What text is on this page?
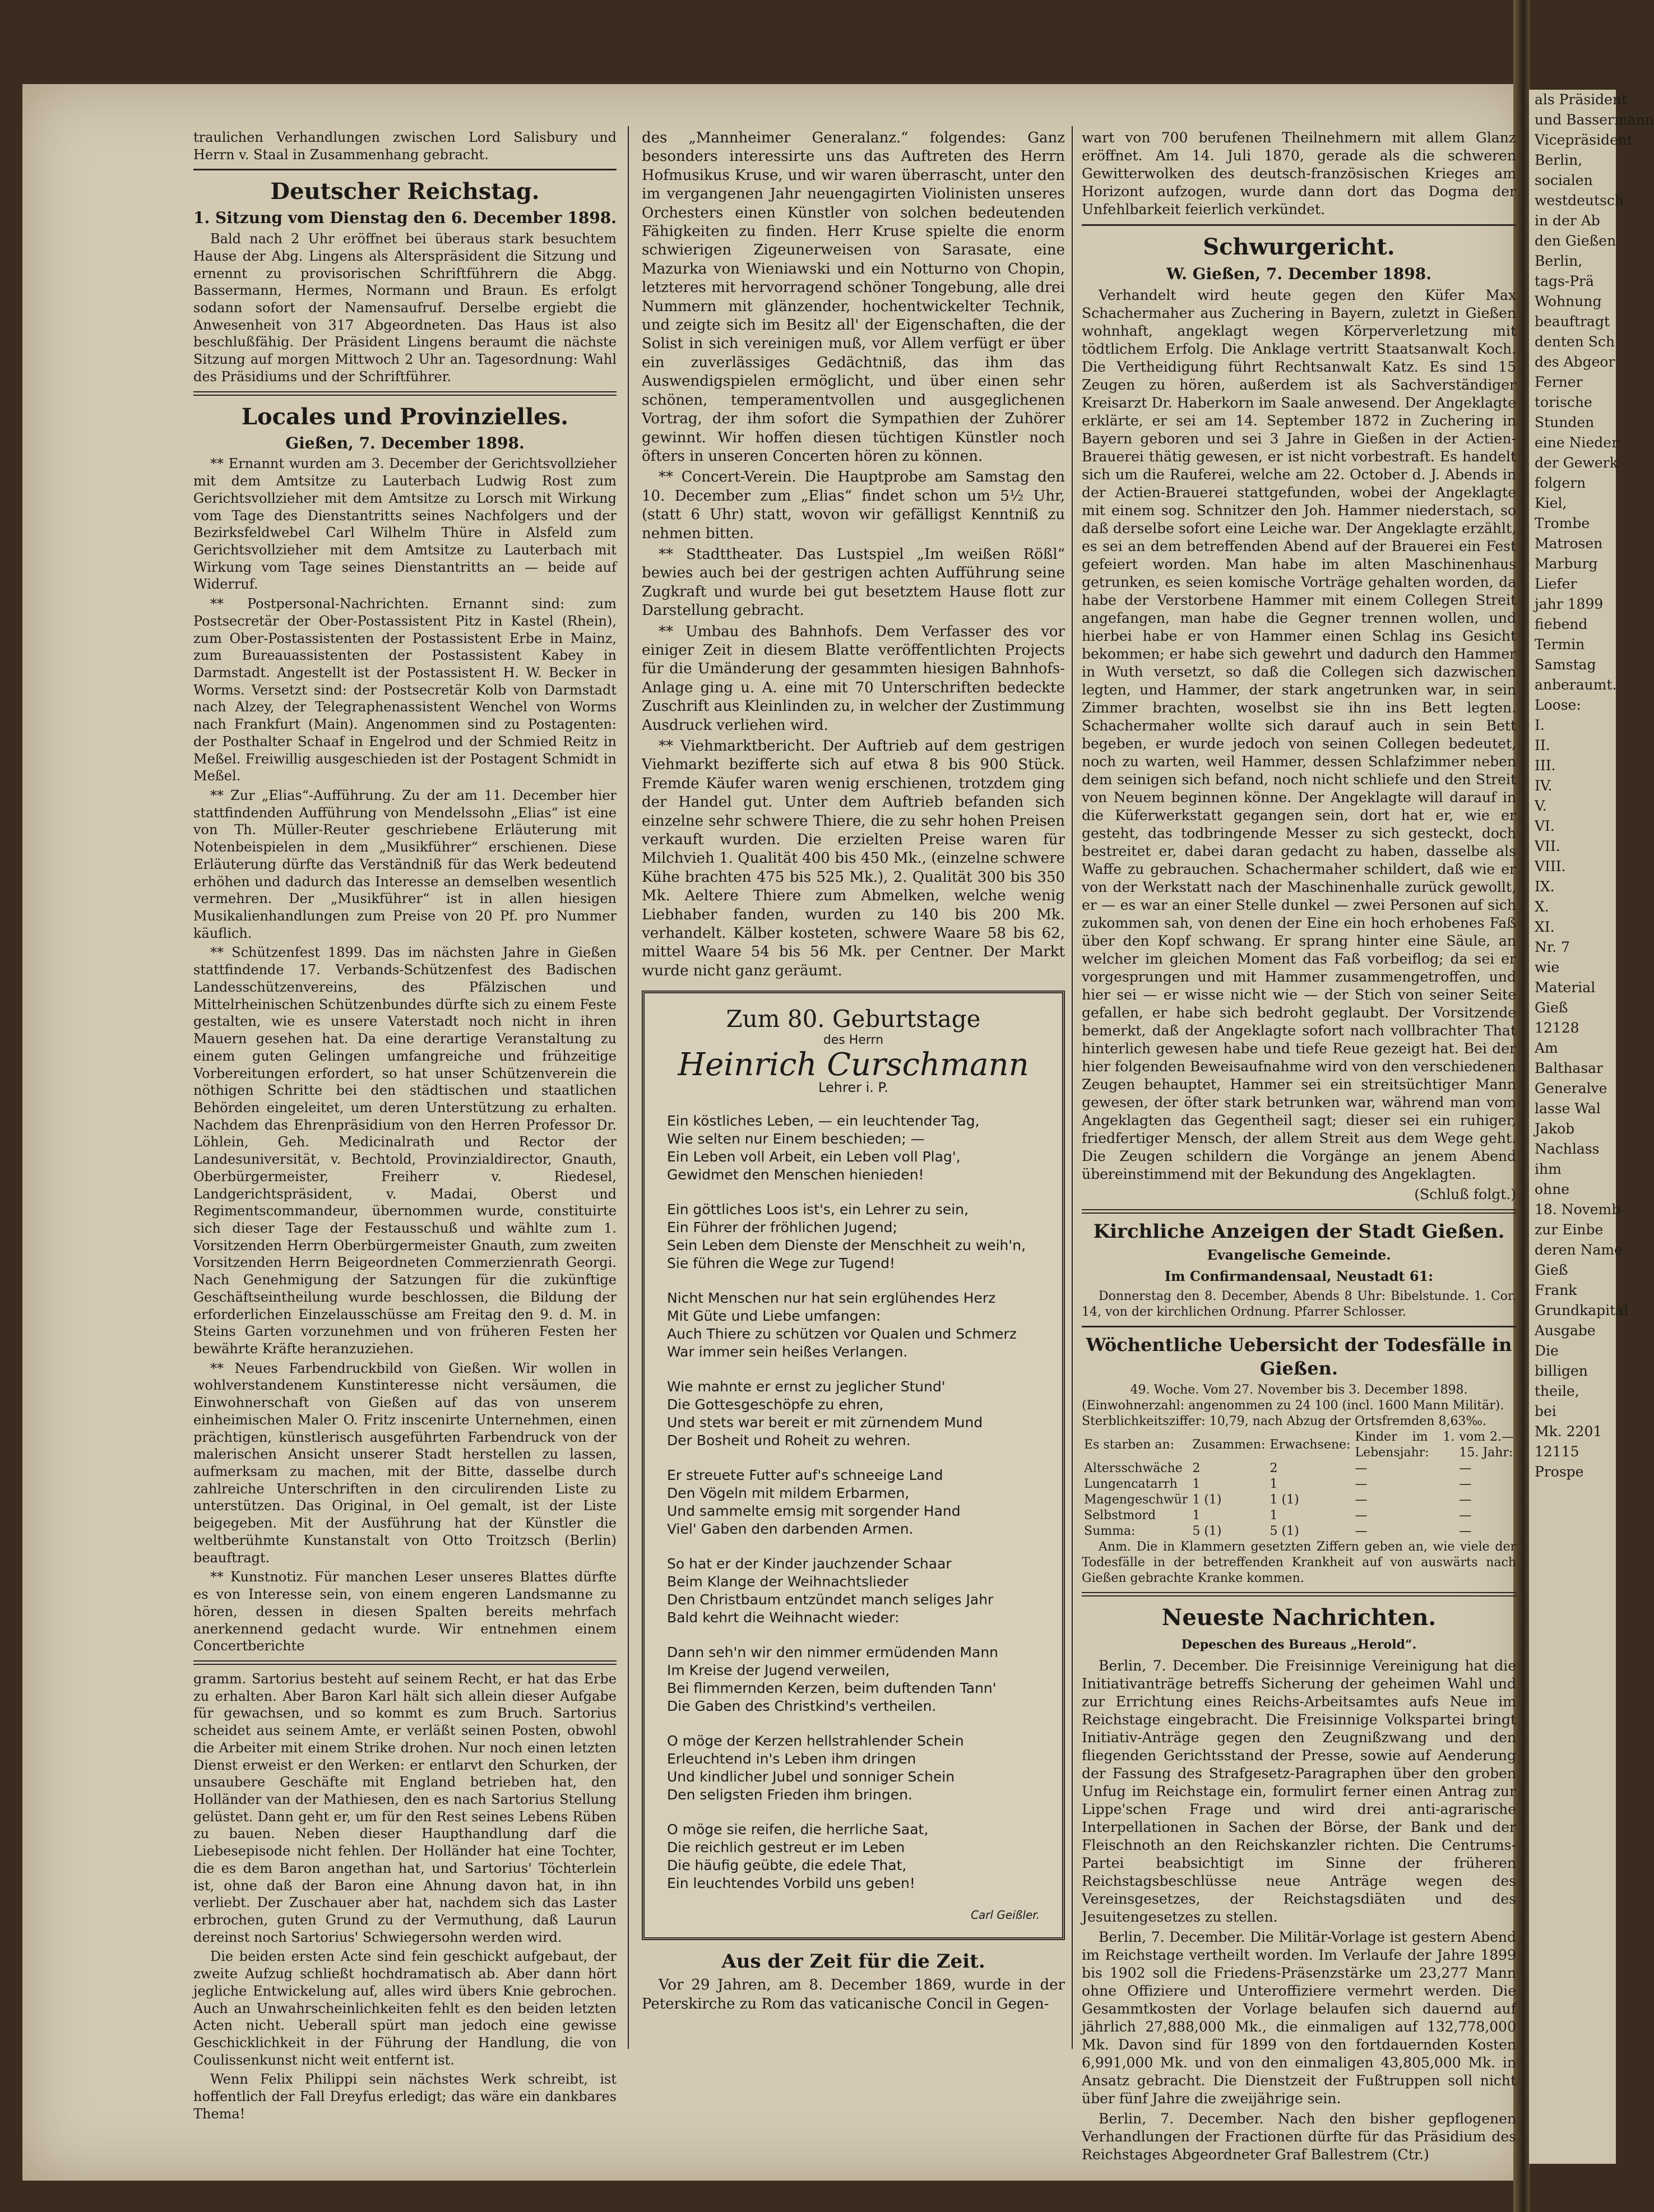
als Präsident
und Bassermann
Vicepräsident
Berlin,
socialen
westdeutsch
in der Ab
den Gießen
Berlin,
tags-Prä
Wohnung
beauftragt
denten Sch
des Abgeor
Ferner
torische
Stunden
eine Nieder
der Gewerk
folgern
Kiel,
Trombe
Matrosen
Marburg
Liefer
jahr 1899
fiebend
Termin
Samstag
anberaumt.
Loose:
I.
II.
III.
IV.
V.
VI.
VII.
VIII.
IX.
X.
XI.
Nr. 7
wie
Material
Gieß
12128
Am
Balthasar
Generalve
lasse Wal
Jakob
Nachlass
ihm
ohne
18. Novemb
zur Einbe
deren Name
Gieß
Frank
Grundkapital
Ausgabe
Die
billigen
theile,
bei
Mk. 2201
12115
Prospe

traulichen Verhandlungen zwischen Lord Salisbury und Herrn v. Staal in Zusammenhang gebracht.

Deutscher Reichstag.
1. Sitzung vom Dienstag den 6. December 1898.

Bald nach 2 Uhr eröffnet bei überaus stark besuchtem Hause der Abg. Lingens als Alterspräsident die Sitzung und ernennt zu provisorischen Schriftführern die Abgg. Bassermann, Hermes, Normann und Braun. Es erfolgt sodann sofort der Namensaufruf. Derselbe ergiebt die Anwesenheit von 317 Abgeordneten. Das Haus ist also beschlußfähig. Der Präsident Lingens beraumt die nächste Sitzung auf morgen Mittwoch 2 Uhr an. Tagesordnung: Wahl des Präsidiums und der Schriftführer.

Locales und Provinzielles.
Gießen, 7. December 1898.

** Ernannt wurden am 3. December der Gerichtsvollzieher mit dem Amtsitze zu Lauterbach Ludwig Rost zum Gerichtsvollzieher mit dem Amtsitze zu Lorsch mit Wirkung vom Tage des Dienstantritts seines Nachfolgers und der Bezirksfeldwebel Carl Wilhelm Thüre in Alsfeld zum Gerichtsvollzieher mit dem Amtsitze zu Lauterbach mit Wirkung vom Tage seines Dienstantritts an — beide auf Widerruf.

** Postpersonal-Nachrichten. Ernannt sind: zum Postsecretär der Ober-Postassistent Pitz in Kastel (Rhein), zum Ober-Postassistenten der Postassistent Erbe in Mainz, zum Bureauassistenten der Postassistent Kabey in Darmstadt. Angestellt ist der Postassistent H. W. Becker in Worms. Versetzt sind: der Postsecretär Kolb von Darmstadt nach Alzey, der Telegraphenassistent Wenchel von Worms nach Frankfurt (Main). Angenommen sind zu Postagenten: der Posthalter Schaaf in Engelrod und der Schmied Reitz in Meßel. Freiwillig ausgeschieden ist der Postagent Schmidt in Meßel.

** Zur „Elias“-Aufführung. Zu der am 11. December hier stattfindenden Aufführung von Mendelssohn „Elias“ ist eine von Th. Müller-Reuter geschriebene Erläuterung mit Notenbeispielen in dem „Musikführer“ erschienen. Diese Erläuterung dürfte das Verständniß für das Werk bedeutend erhöhen und dadurch das Interesse an demselben wesentlich vermehren. Der „Musikführer“ ist in allen hiesigen Musikalienhandlungen zum Preise von 20 Pf. pro Nummer käuflich.

** Schützenfest 1899. Das im nächsten Jahre in Gießen stattfindende 17. Verbands-Schützenfest des Badischen Landesschützenvereins, des Pfälzischen und Mittelrheinischen Schützenbundes dürfte sich zu einem Feste gestalten, wie es unsere Vaterstadt noch nicht in ihren Mauern gesehen hat. Da eine derartige Veranstaltung zu einem guten Gelingen umfangreiche und frühzeitige Vorbereitungen erfordert, so hat unser Schützenverein die nöthigen Schritte bei den städtischen und staatlichen Behörden eingeleitet, um deren Unterstützung zu erhalten. Nachdem das Ehrenpräsidium von den Herren Professor Dr. Löhlein, Geh. Medicinalrath und Rector der Landesuniversität, v. Bechtold, Provinzialdirector, Gnauth, Oberbürgermeister, Freiherr v. Riedesel, Landgerichtspräsident, v. Madai, Oberst und Regimentscommandeur, übernommen wurde, constituirte sich dieser Tage der Festausschuß und wählte zum 1. Vorsitzenden Herrn Oberbürgermeister Gnauth, zum zweiten Vorsitzenden Herrn Beigeordneten Commerzienrath Georgi. Nach Genehmigung der Satzungen für die zukünftige Geschäftseintheilung wurde beschlossen, die Bildung der erforderlichen Einzelausschüsse am Freitag den 9. d. M. in Steins Garten vorzunehmen und von früheren Festen her bewährte Kräfte heranzuziehen.

** Neues Farbendruckbild von Gießen. Wir wollen in wohlverstandenem Kunstinteresse nicht versäumen, die Einwohnerschaft von Gießen auf das von unserem einheimischen Maler O. Fritz inscenirte Unternehmen, einen prächtigen, künstlerisch ausgeführten Farbendruck von der malerischen Ansicht unserer Stadt herstellen zu lassen, aufmerksam zu machen, mit der Bitte, dasselbe durch zahlreiche Unterschriften in den circulirenden Liste zu unterstützen. Das Original, in Oel gemalt, ist der Liste beigegeben. Mit der Ausführung hat der Künstler die weltberühmte Kunstanstalt von Otto Troitzsch (Berlin) beauftragt.

** Kunstnotiz. Für manchen Leser unseres Blattes dürfte es von Interesse sein, von einem engeren Landsmanne zu hören, dessen in diesen Spalten bereits mehrfach anerkennend gedacht wurde. Wir entnehmen einem Concertberichte

gramm. Sartorius besteht auf seinem Recht, er hat das Erbe zu erhalten. Aber Baron Karl hält sich allein dieser Aufgabe für gewachsen, und so kommt es zum Bruch. Sartorius scheidet aus seinem Amte, er verläßt seinen Posten, obwohl die Arbeiter mit einem Strike drohen. Nur noch einen letzten Dienst erweist er den Werken: er entlarvt den Schurken, der unsaubere Geschäfte mit England betrieben hat, den Holländer van der Mathiesen, den es nach Sartorius Stellung gelüstet. Dann geht er, um für den Rest seines Lebens Rüben zu bauen. Neben dieser Haupthandlung darf die Liebesepisode nicht fehlen. Der Holländer hat eine Tochter, die es dem Baron angethan hat, und Sartorius' Töchterlein ist, ohne daß der Baron eine Ahnung davon hat, in ihn verliebt. Der Zuschauer aber hat, nachdem sich das Laster erbrochen, guten Grund zu der Vermuthung, daß Laurun dereinst noch Sartorius' Schwiegersohn werden wird.

Die beiden ersten Acte sind fein geschickt aufgebaut, der zweite Aufzug schließt hochdramatisch ab. Aber dann hört jegliche Entwickelung auf, alles wird übers Knie gebrochen. Auch an Unwahrscheinlichkeiten fehlt es den beiden letzten Acten nicht. Ueberall spürt man jedoch eine gewisse Geschicklichkeit in der Führung der Handlung, die von Coulissenkunst nicht weit entfernt ist.

Wenn Felix Philippi sein nächstes Werk schreibt, ist hoffentlich der Fall Dreyfus erledigt; das wäre ein dankbares Thema!

des „Mannheimer Generalanz.“ folgendes: Ganz besonders interessirte uns das Auftreten des Herrn Hofmusikus Kruse, und wir waren überrascht, unter den im vergangenen Jahr neuengagirten Violinisten unseres Orchesters einen Künstler von solchen bedeutenden Fähigkeiten zu finden. Herr Kruse spielte die enorm schwierigen Zigeunerweisen von Sarasate, eine Mazurka von Wieniawski und ein Notturno von Chopin, letzteres mit hervorragend schöner Tongebung, alle drei Nummern mit glänzender, hochentwickelter Technik, und zeigte sich im Besitz all' der Eigenschaften, die der Solist in sich vereinigen muß, vor Allem verfügt er über ein zuverlässiges Gedächtniß, das ihm das Auswendigspielen ermöglicht, und über einen sehr schönen, temperamentvollen und ausgeglichenen Vortrag, der ihm sofort die Sympathien der Zuhörer gewinnt. Wir hoffen diesen tüchtigen Künstler noch öfters in unseren Concerten hören zu können.

** Concert-Verein. Die Hauptprobe am Samstag den 10. December zum „Elias“ findet schon um 5½ Uhr, (statt 6 Uhr) statt, wovon wir gefälligst Kenntniß zu nehmen bitten.

** Stadttheater. Das Lustspiel „Im weißen Rößl“ bewies auch bei der gestrigen achten Aufführung seine Zugkraft und wurde bei gut besetztem Hause flott zur Darstellung gebracht.

** Umbau des Bahnhofs. Dem Verfasser des vor einiger Zeit in diesem Blatte veröffentlichten Projects für die Umänderung der gesammten hiesigen Bahnhofs-Anlage ging u. A. eine mit 70 Unterschriften bedeckte Zuschrift aus Kleinlinden zu, in welcher der Zustimmung Ausdruck verliehen wird.

** Viehmarktbericht. Der Auftrieb auf dem gestrigen Viehmarkt bezifferte sich auf etwa 8 bis 900 Stück. Fremde Käufer waren wenig erschienen, trotzdem ging der Handel gut. Unter dem Auftrieb befanden sich einzelne sehr schwere Thiere, die zu sehr hohen Preisen verkauft wurden. Die erzielten Preise waren für Milchvieh 1. Qualität 400 bis 450 Mk., (einzelne schwere Kühe brachten 475 bis 525 Mk.), 2. Qualität 300 bis 350 Mk. Aeltere Thiere zum Abmelken, welche wenig Liebhaber fanden, wurden zu 140 bis 200 Mk. verhandelt. Kälber kosteten, schwere Waare 58 bis 62, mittel Waare 54 bis 56 Mk. per Centner. Der Markt wurde nicht ganz geräumt.

Zum 80. Geburtstage
des Herrn
Heinrich Curschmann
Lehrer i. P.
Ein köstliches Leben, — ein leuchtender Tag,
Wie selten nur Einem beschieden; —
Ein Leben voll Arbeit, ein Leben voll Plag',
Gewidmet den Menschen hienieden!
Ein göttliches Loos ist's, ein Lehrer zu sein,
Ein Führer der fröhlichen Jugend;
Sein Leben dem Dienste der Menschheit zu weih'n,
Sie führen die Wege zur Tugend!
Nicht Menschen nur hat sein erglühendes Herz
Mit Güte und Liebe umfangen:
Auch Thiere zu schützen vor Qualen und Schmerz
War immer sein heißes Verlangen.
Wie mahnte er ernst zu jeglicher Stund'
Die Gottesgeschöpfe zu ehren,
Und stets war bereit er mit zürnendem Mund
Der Bosheit und Roheit zu wehren.
Er streuete Futter auf's schneeige Land
Den Vögeln mit mildem Erbarmen,
Und sammelte emsig mit sorgender Hand
Viel' Gaben den darbenden Armen.
So hat er der Kinder jauchzender Schaar
Beim Klange der Weihnachtslieder
Den Christbaum entzündet manch seliges Jahr
Bald kehrt die Weihnacht wieder:
Dann seh'n wir den nimmer ermüdenden Mann
Im Kreise der Jugend verweilen,
Bei flimmernden Kerzen, beim duftenden Tann'
Die Gaben des Christkind's vertheilen.
O möge der Kerzen hellstrahlender Schein
Erleuchtend in's Leben ihm dringen
Und kindlicher Jubel und sonniger Schein
Den seligsten Frieden ihm bringen.
O möge sie reifen, die herrliche Saat,
Die reichlich gestreut er im Leben
Die häufig geübte, die edele That,
Ein leuchtendes Vorbild uns geben!
Carl Geißler.
Aus der Zeit für die Zeit.

Vor 29 Jahren, am 8. December 1869, wurde in der Peterskirche zu Rom das vaticanische Concil in Gegen-

wart von 700 berufenen Theilnehmern mit allem Glanz eröffnet. Am 14. Juli 1870, gerade als die schweren Gewitterwolken des deutsch-französischen Krieges am Horizont aufzogen, wurde dann dort das Dogma der Unfehlbarkeit feierlich verkündet.

Schwurgericht.
W. Gießen, 7. December 1898.

Verhandelt wird heute gegen den Küfer Max Schachermaher aus Zuchering in Bayern, zuletzt in Gießen wohnhaft, angeklagt wegen Körperverletzung mit tödtlichem Erfolg. Die Anklage vertritt Staatsanwalt Koch. Die Vertheidigung führt Rechtsanwalt Katz. Es sind 15 Zeugen zu hören, außerdem ist als Sachverständiger Kreisarzt Dr. Haberkorn im Saale anwesend. Der Angeklagte erklärte, er sei am 14. September 1872 in Zuchering in Bayern geboren und sei 3 Jahre in Gießen in der Actien-Brauerei thätig gewesen, er ist nicht vorbestraft. Es handelt sich um die Rauferei, welche am 22. October d. J. Abends in der Actien-Brauerei stattgefunden, wobei der Angeklagte mit einem sog. Schnitzer den Joh. Hammer niederstach, so daß derselbe sofort eine Leiche war. Der Angeklagte erzählt, es sei an dem betreffenden Abend auf der Brauerei ein Fest gefeiert worden. Man habe im alten Maschinenhaus getrunken, es seien komische Vorträge gehalten worden, da habe der Verstorbene Hammer mit einem Collegen Streit angefangen, man habe die Gegner trennen wollen, und hierbei habe er von Hammer einen Schlag ins Gesicht bekommen; er habe sich gewehrt und dadurch den Hammer in Wuth versetzt, so daß die Collegen sich dazwischen legten, und Hammer, der stark angetrunken war, in sein Zimmer brachten, woselbst sie ihn ins Bett legten. Schachermaher wollte sich darauf auch in sein Bett begeben, er wurde jedoch von seinen Collegen bedeutet, noch zu warten, weil Hammer, dessen Schlafzimmer neben dem seinigen sich befand, noch nicht schliefe und den Streit von Neuem beginnen könne. Der Angeklagte will darauf in die Küferwerkstatt gegangen sein, dort hat er, wie er gesteht, das todbringende Messer zu sich gesteckt, doch bestreitet er, dabei daran gedacht zu haben, dasselbe als Waffe zu gebrauchen. Schachermaher schildert, daß wie er von der Werkstatt nach der Maschinenhalle zurück gewollt, er — es war an einer Stelle dunkel — zwei Personen auf sich zukommen sah, von denen der Eine ein hoch erhobenes Faß über den Kopf schwang. Er sprang hinter eine Säule, an welcher im gleichen Moment das Faß vorbeiflog; da sei er vorgesprungen und mit Hammer zusammengetroffen, und hier sei — er wisse nicht wie — der Stich von seiner Seite gefallen, er habe sich bedroht geglaubt. Der Vorsitzende bemerkt, daß der Angeklagte sofort nach vollbrachter That hinterlich gewesen habe und tiefe Reue gezeigt hat. Bei der hier folgenden Beweisaufnahme wird von den verschiedenen Zeugen behauptet, Hammer sei ein streitsüchtiger Mann gewesen, der öfter stark betrunken war, während man vom Angeklagten das Gegentheil sagt; dieser sei ein ruhiger, friedfertiger Mensch, der allem Streit aus dem Wege geht. Die Zeugen schildern die Vorgänge an jenem Abend übereinstimmend mit der Bekundung des Angeklagten.

(Schluß folgt.)

Kirchliche Anzeigen der Stadt Gießen.
Evangelische Gemeinde.
Im Confirmandensaal, Neustadt 61:

Donnerstag den 8. December, Abends 8 Uhr: Bibelstunde. 1. Cor. 14, von der kirchlichen Ordnung. Pfarrer Schlosser.

Wöchentliche Uebersicht der Todesfälle in Gießen.
49. Woche. Vom 27. November bis 3. December 1898.
(Einwohnerzahl: angenommen zu 24 100 (incl. 1600 Mann Militär).
Sterblichkeitsziffer: 10,79, nach Abzug der Ortsfremden 8,63‰.
Es starben an:	Zusammen:	Erwachsene:	Kinder im 1. Lebensjahr:	vom 2.—15. Jahr:
Altersschwäche	2	2	—	—
Lungencatarrh	1	1	—	—
Magengeschwür	1 (1)	1 (1)	—	—
Selbstmord	1	1	—	—
Summa:	5 (1)	5 (1)	—	—

Anm. Die in Klammern gesetzten Ziffern geben an, wie viele der Todesfälle in der betreffenden Krankheit auf von auswärts nach Gießen gebrachte Kranke kommen.

Neueste Nachrichten.
Depeschen des Bureaus „Herold“.

Berlin, 7. December. Die Freisinnige Vereinigung hat die Initiativanträge betreffs Sicherung der geheimen Wahl und zur Errichtung eines Reichs-Arbeitsamtes aufs Neue im Reichstage eingebracht. Die Freisinnige Volkspartei bringt Initiativ-Anträge gegen den Zeugnißzwang und den fliegenden Gerichtsstand der Presse, sowie auf Aenderung der Fassung des Strafgesetz-Paragraphen über den groben Unfug im Reichstage ein, formulirt ferner einen Antrag zur Lippe'schen Frage und wird drei anti-agrarische Interpellationen in Sachen der Börse, der Bank und der Fleischnoth an den Reichskanzler richten. Die Centrums-Partei beabsichtigt im Sinne der früheren Reichstagsbeschlüsse neue Anträge wegen des Vereinsgesetzes, der Reichstagsdiäten und des Jesuitengesetzes zu stellen.

Berlin, 7. December. Die Militär-Vorlage ist gestern Abend im Reichstage vertheilt worden. Im Verlaufe der Jahre 1899 bis 1902 soll die Friedens-Präsenzstärke um 23,277 Mann ohne Offiziere und Unteroffiziere vermehrt werden. Die Gesammtkosten der Vorlage belaufen sich dauernd auf jährlich 27,888,000 Mk., die einmaligen auf 132,778,000 Mk. Davon sind für 1899 von den fortdauernden Kosten 6,991,000 Mk. und von den einmaligen 43,805,000 Mk. in Ansatz gebracht. Die Dienstzeit der Fußtruppen soll nicht über fünf Jahre die zweijährige sein.

Berlin, 7. December. Nach den bisher gepflogenen Verhandlungen der Fractionen dürfte für das Präsidium des Reichstages Abgeordneter Graf Ballestrem (Ctr.)
